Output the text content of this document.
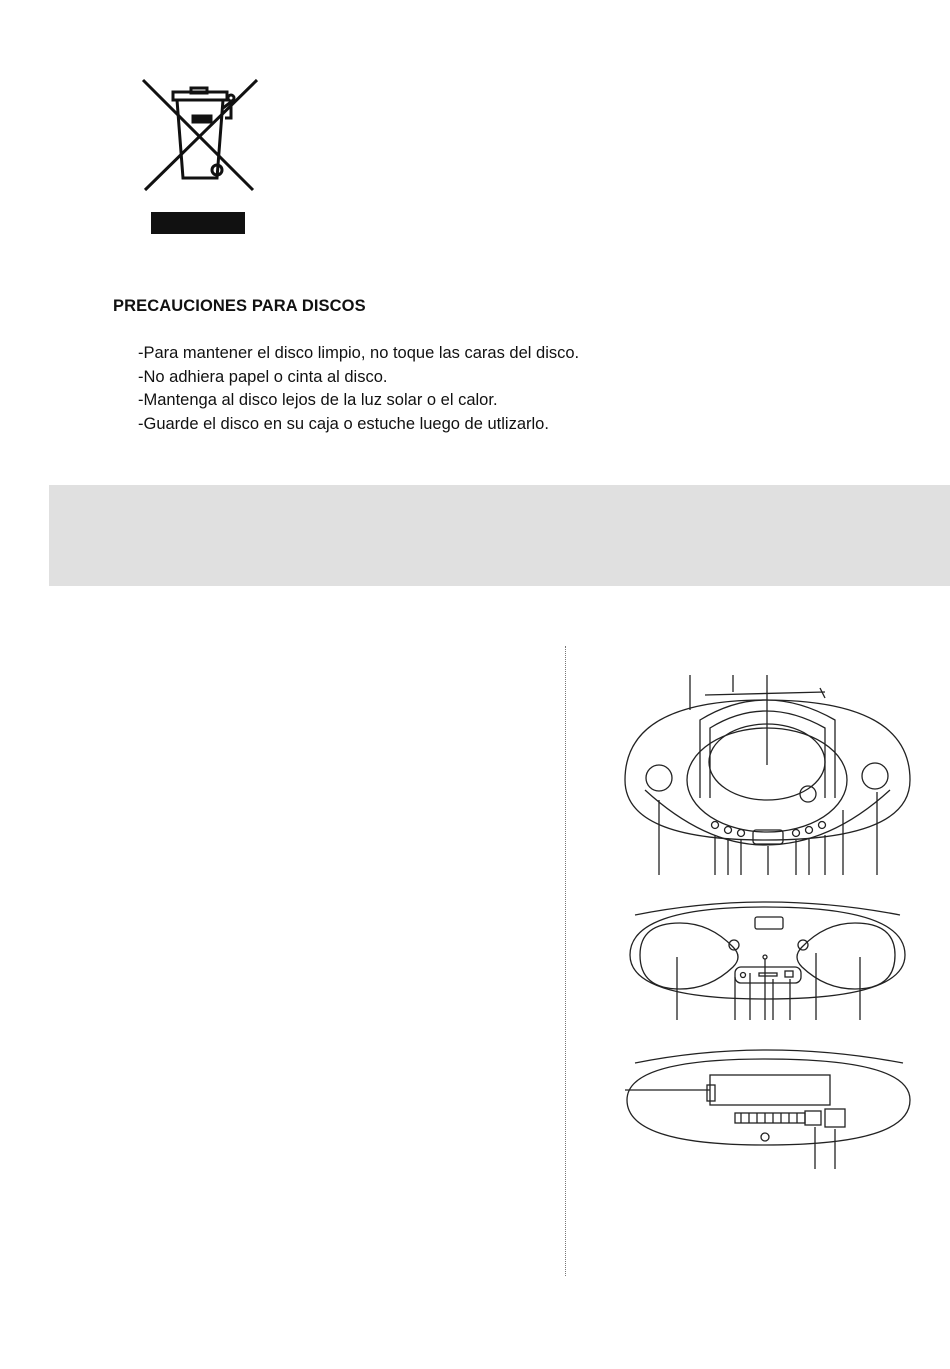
PRECAUCIONES PARA DISCOS
-Para mantener el disco limpio, no toque las caras del disco.
-No adhiera papel o cinta al disco.
-Mantenga al disco lejos de la luz solar o el calor.
-Guarde el disco en su caja o estuche luego de utlizarlo.
